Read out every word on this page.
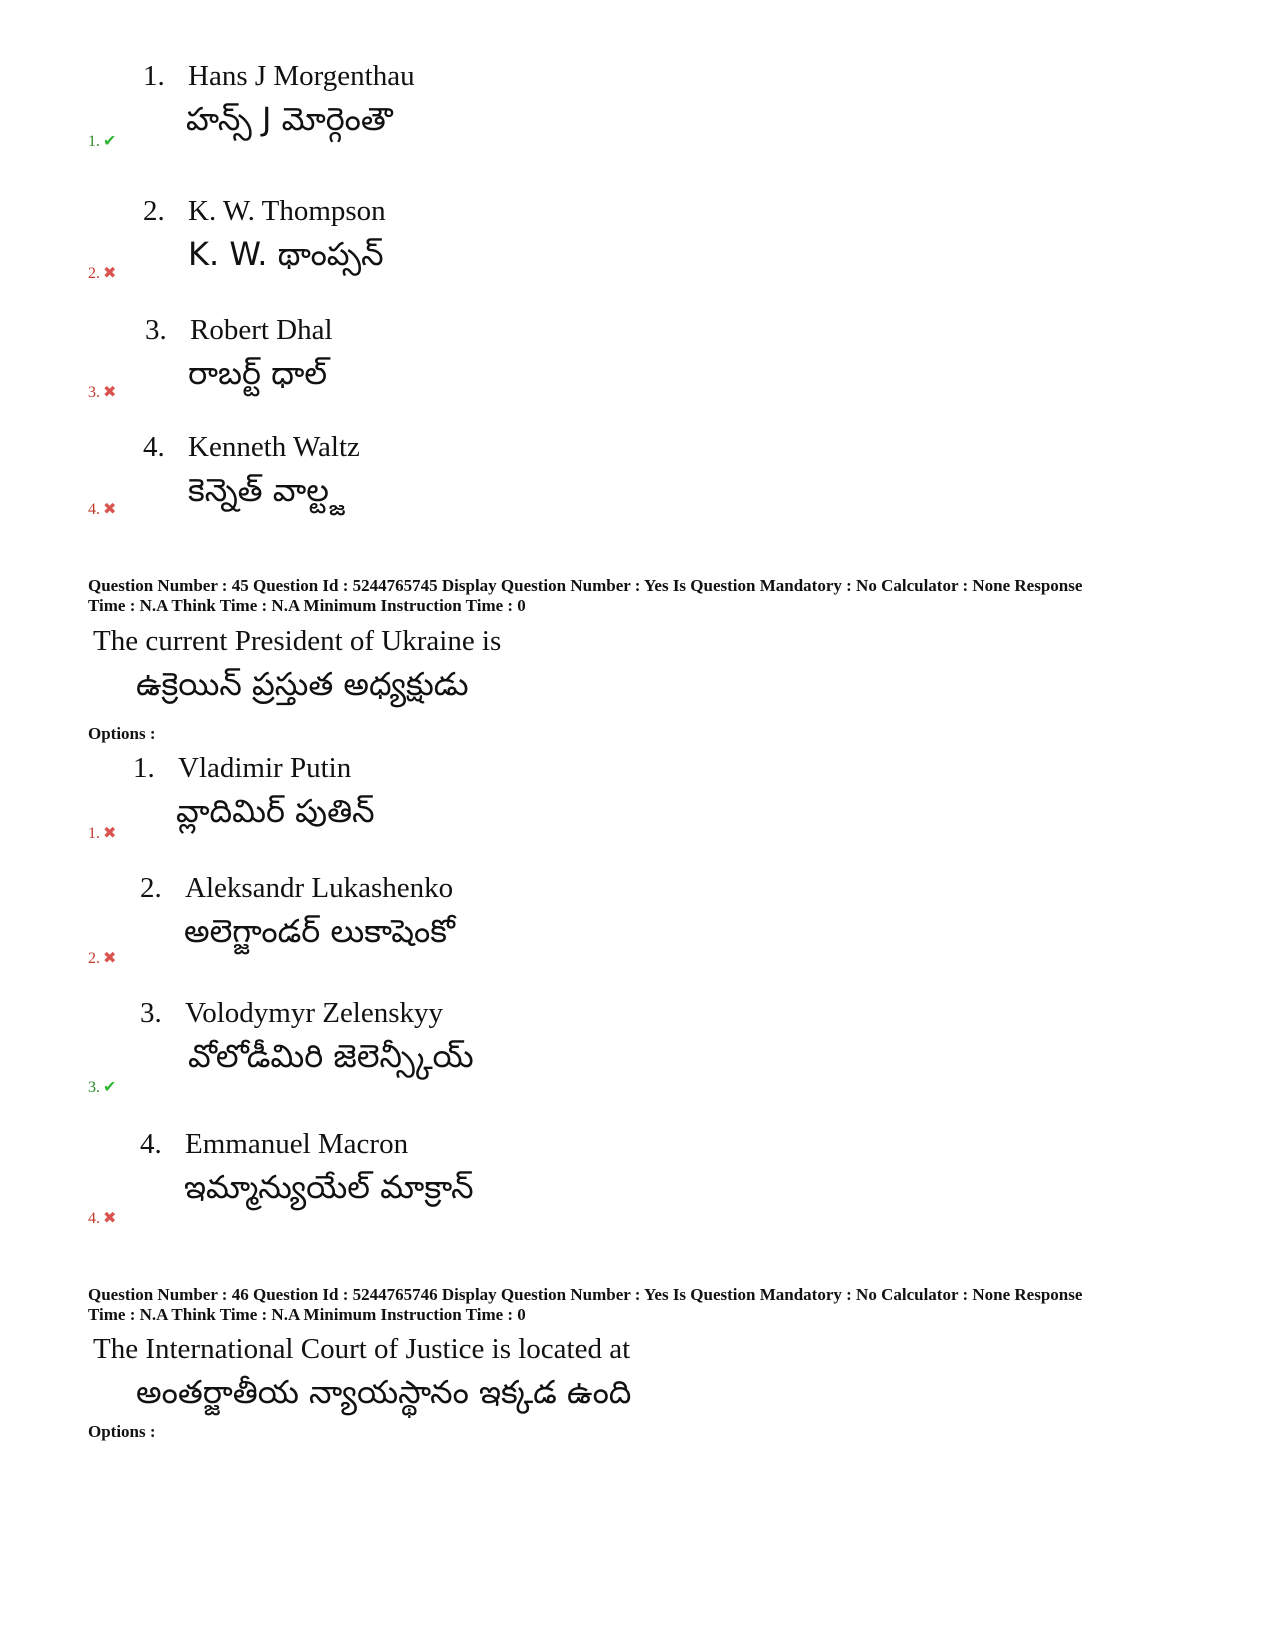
1. Hans J Morgenthau
హన్స్ J మోర్గెంతౌ
1. ✔
2. K. W. Thompson
K. W. థాంప్సన్
2. ✖
3. Robert Dhal
రాబర్ట్ ధాల్
3. ✖
4. Kenneth Waltz
కెన్నెత్ వాల్ట్జ
4. ✖
Question Number : 45 Question Id : 5244765745 Display Question Number : Yes Is Question Mandatory : No Calculator : None Response
Time : N.A Think Time : N.A Minimum Instruction Time : 0
The current President of Ukraine is
ఉక్రెయిన్ ప్రస్తుత అధ్యక్షుడు
Options :
1. Vladimir Putin
వ్లాదిమిర్ పుతిన్
1. ✖
2. Aleksandr Lukashenko
అలెగ్జాండర్ లుకాషెంకో
2. ✖
3. Volodymyr Zelenskyy
వోలోడీమిరి జెలెన్స్కీయ్
3. ✔
4. Emmanuel Macron
ఇమ్మాన్యుయేల్ మాక్రాన్
4. ✖
Question Number : 46 Question Id : 5244765746 Display Question Number : Yes Is Question Mandatory : No Calculator : None Response
Time : N.A Think Time : N.A Minimum Instruction Time : 0
The International Court of Justice is located at
అంతర్జాతీయ న్యాయస్థానం ఇక్కడ ఉంది
Options :
